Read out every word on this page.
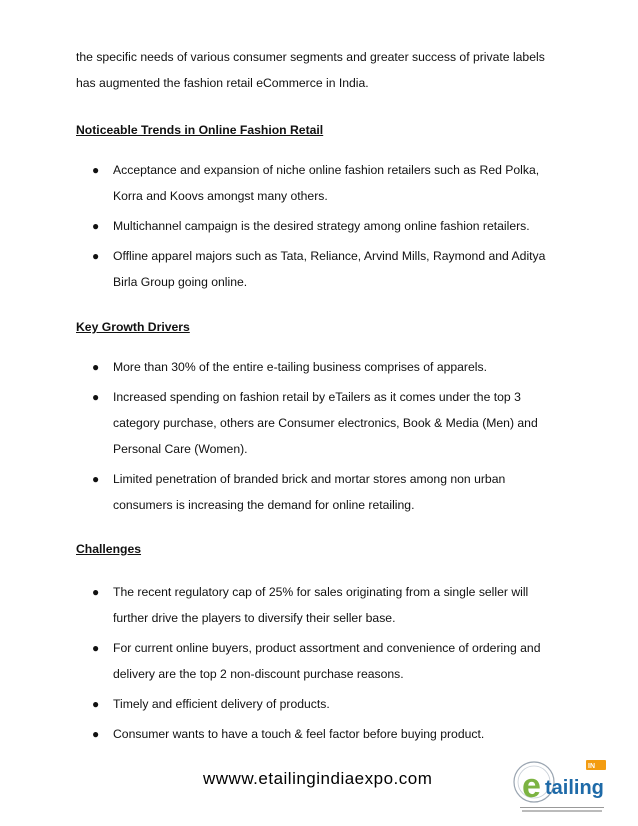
the specific needs of various consumer segments and greater success of private labels has augmented the fashion retail eCommerce in India.

Noticeable Trends in Online Fashion Retail

● Acceptance and expansion of niche online fashion retailers such as Red Polka, Korra and Koovs amongst many others.
● Multichannel campaign is the desired strategy among online fashion retailers.
● Offline apparel majors such as Tata, Reliance, Arvind Mills, Raymond and Aditya Birla Group going online.

Key Growth Drivers

● More than 30% of the entire e-tailing business comprises of apparels.
● Increased spending on fashion retail by eTailers as it comes under the top 3 category purchase, others are Consumer electronics, Book & Media (Men) and Personal Care (Women).
● Limited penetration of branded brick and mortar stores among non urban consumers is increasing the demand for online retailing.

Challenges

● The recent regulatory cap of 25% for sales originating from a single seller will further drive the players to diversify their seller base.
● For current online buyers, product assortment and convenience of ordering and delivery are the top 2 non-discount purchase reasons.
● Timely and efficient delivery of products.
● Consumer wants to have a touch & feel factor before buying product.
wwww.etailingindiaexpo.com	e tailing
IN
